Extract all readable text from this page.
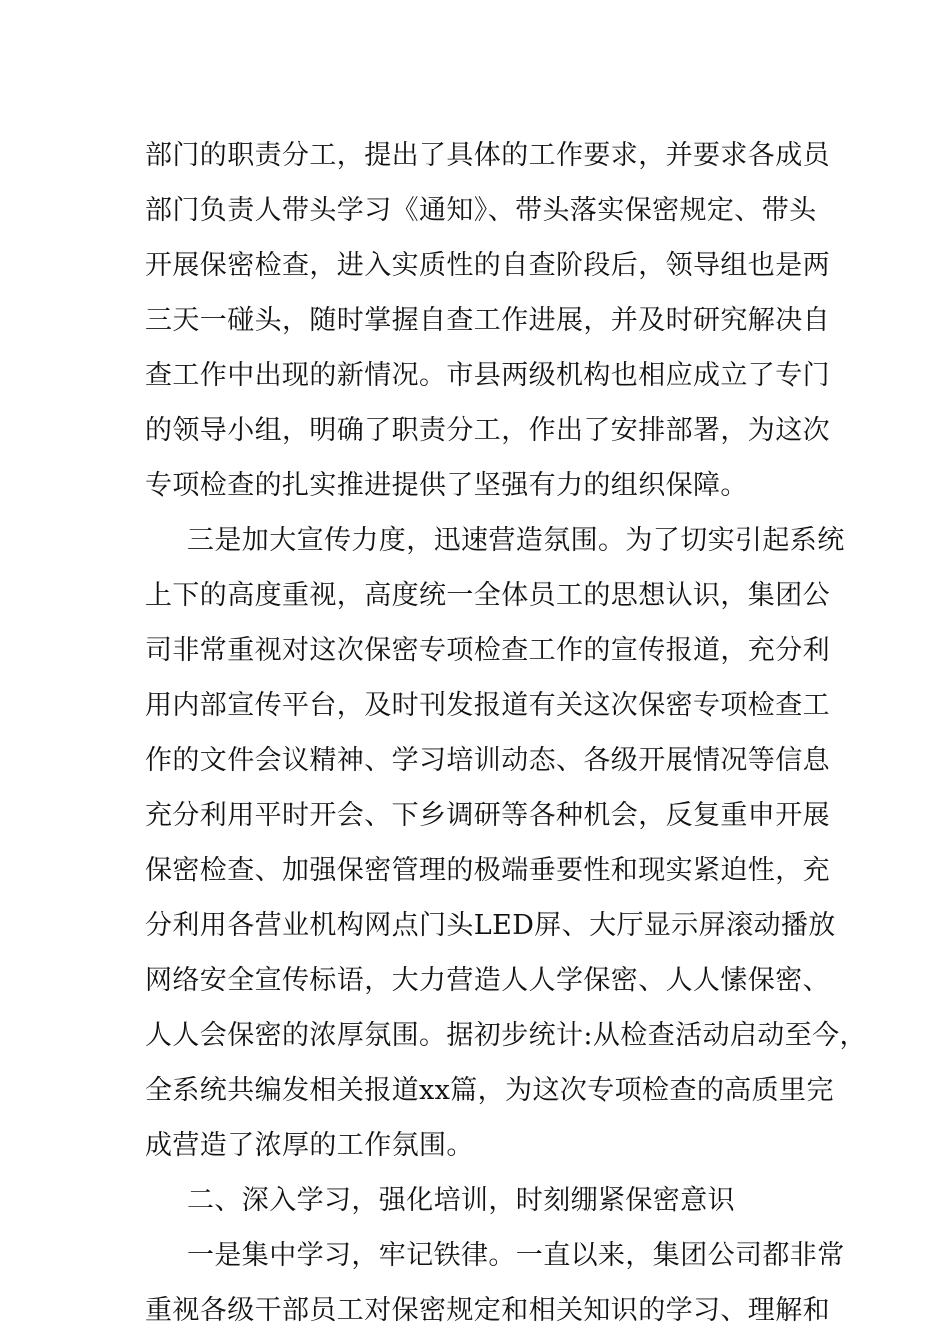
部门的职责分工，提出了具体的工作要求，并要求各成员
部门负责人带头学习《通知》、带头落实保密规定、带头
开展保密检查，进入实质性的自查阶段后，领导组也是两
三天一碰头，随时掌握自查工作进展，并及时研究解决自
查工作中出现的新情况。市县两级机构也相应成立了专门
的领导小组，明确了职责分工，作出了安排部署，为这次
专项检查的扎实推进提供了坚强有力的组织保障。
三是加大宣传力度，迅速营造氛围。为了切实引起系统
上下的高度重视，高度统一全体员工的思想认识，集团公
司非常重视对这次保密专项检查工作的宣传报道，充分利
用内部宣传平台，及时刊发报道有关这次保密专项检查工
作的文件会议精神、学习培训动态、各级开展情况等信息
充分利用平时开会、下乡调研等各种机会，反复重申开展
保密检查、加强保密管理的极端垂要性和现实紧迫性，充
分利用各营业机构网点门头LED屏、大厅显示屏滚动播放
网络安全宣传标语，大力营造人人学保密、人人愫保密、
人人会保密的浓厚氛围。据初步统计:从检查活动启动至今，
全系统共编发相关报道xx篇，为这次专项检查的高质里完
成营造了浓厚的工作氛围。
二、深入学习，强化培训，时刻绷紧保密意识
一是集中学习，牢记铁律。一直以来，集团公司都非常
重视各级干部员工对保密规定和相关知识的学习、理解和
